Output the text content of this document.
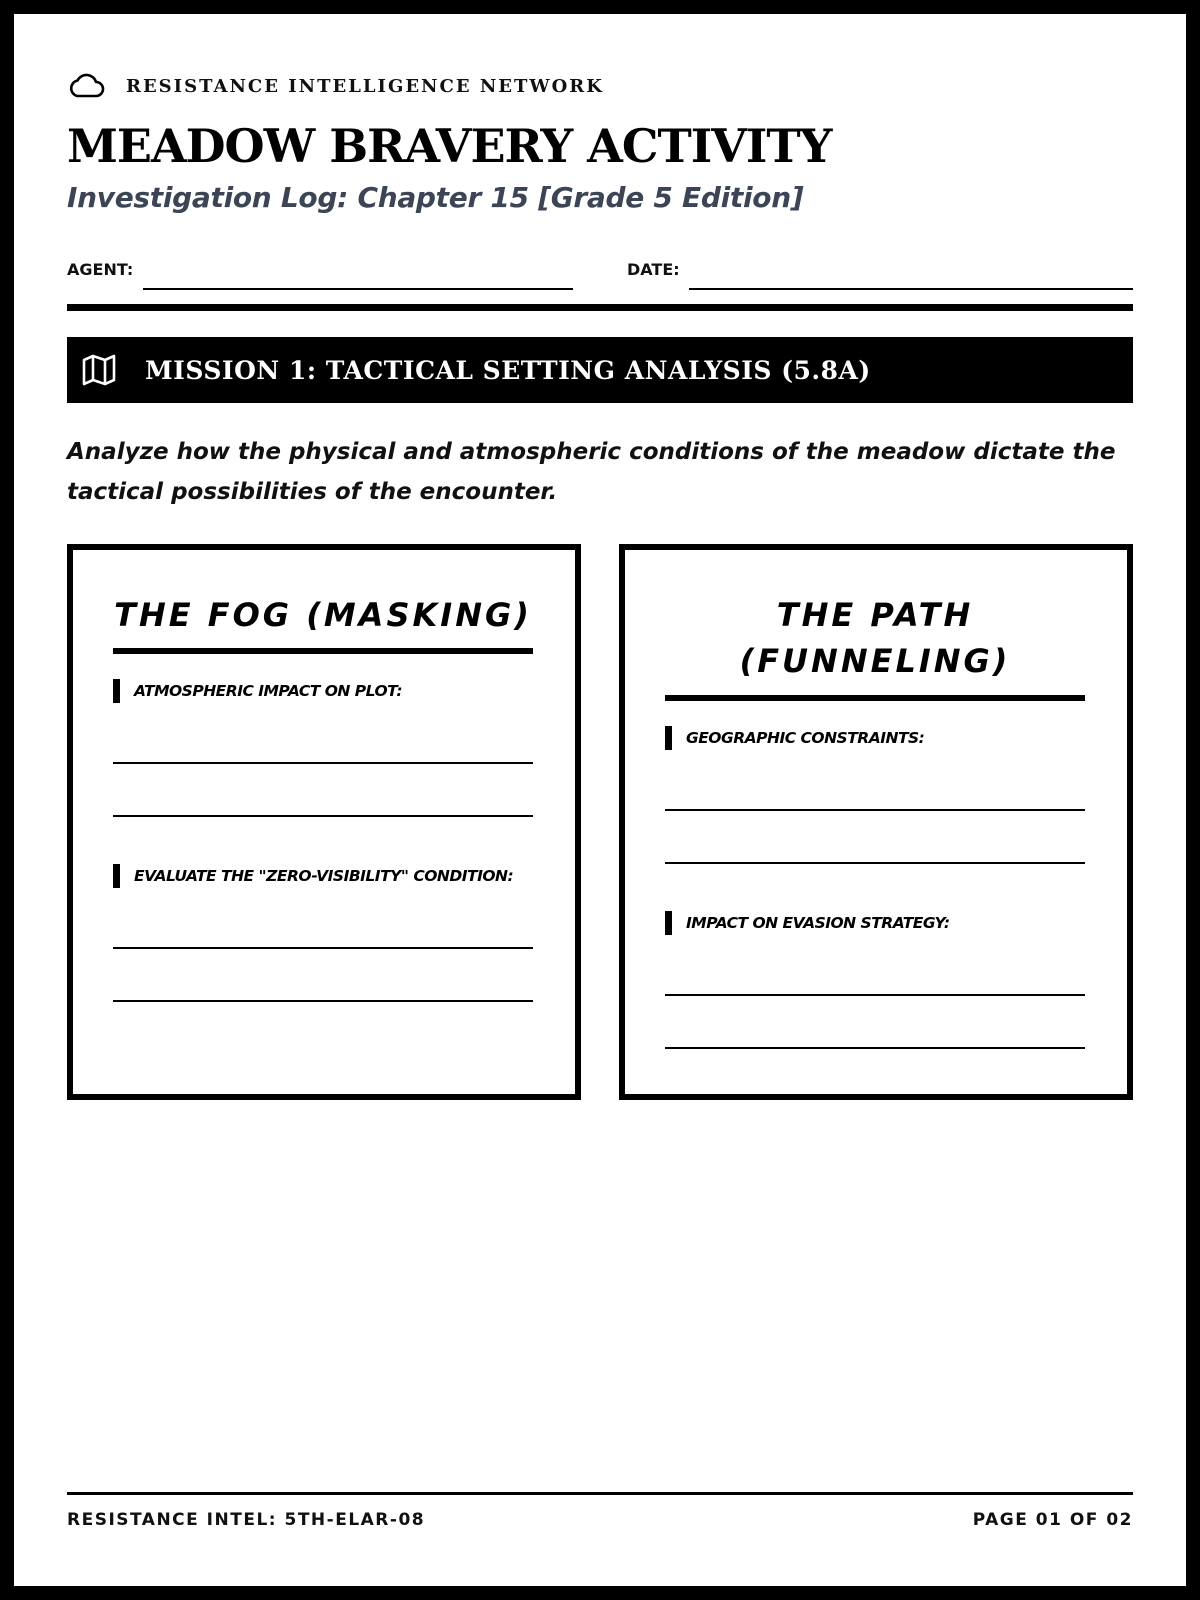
RESISTANCE INTELLIGENCE NETWORK
MEADOW BRAVERY ACTIVITY
Investigation Log: Chapter 15 [Grade 5 Edition]
AGENT:	DATE:
MISSION 1: TACTICAL SETTING ANALYSIS (5.8A)
Analyze how the physical and atmospheric conditions of the meadow dictate the tactical possibilities of the encounter.
THE FOG (MASKING)
ATMOSPHERIC IMPACT ON PLOT:
EVALUATE THE "ZERO-VISIBILITY" CONDITION:
THE PATH (FUNNELING)
GEOGRAPHIC CONSTRAINTS:
IMPACT ON EVASION STRATEGY:
RESISTANCE INTEL: 5TH-ELAR-08	PAGE 01 OF 02
